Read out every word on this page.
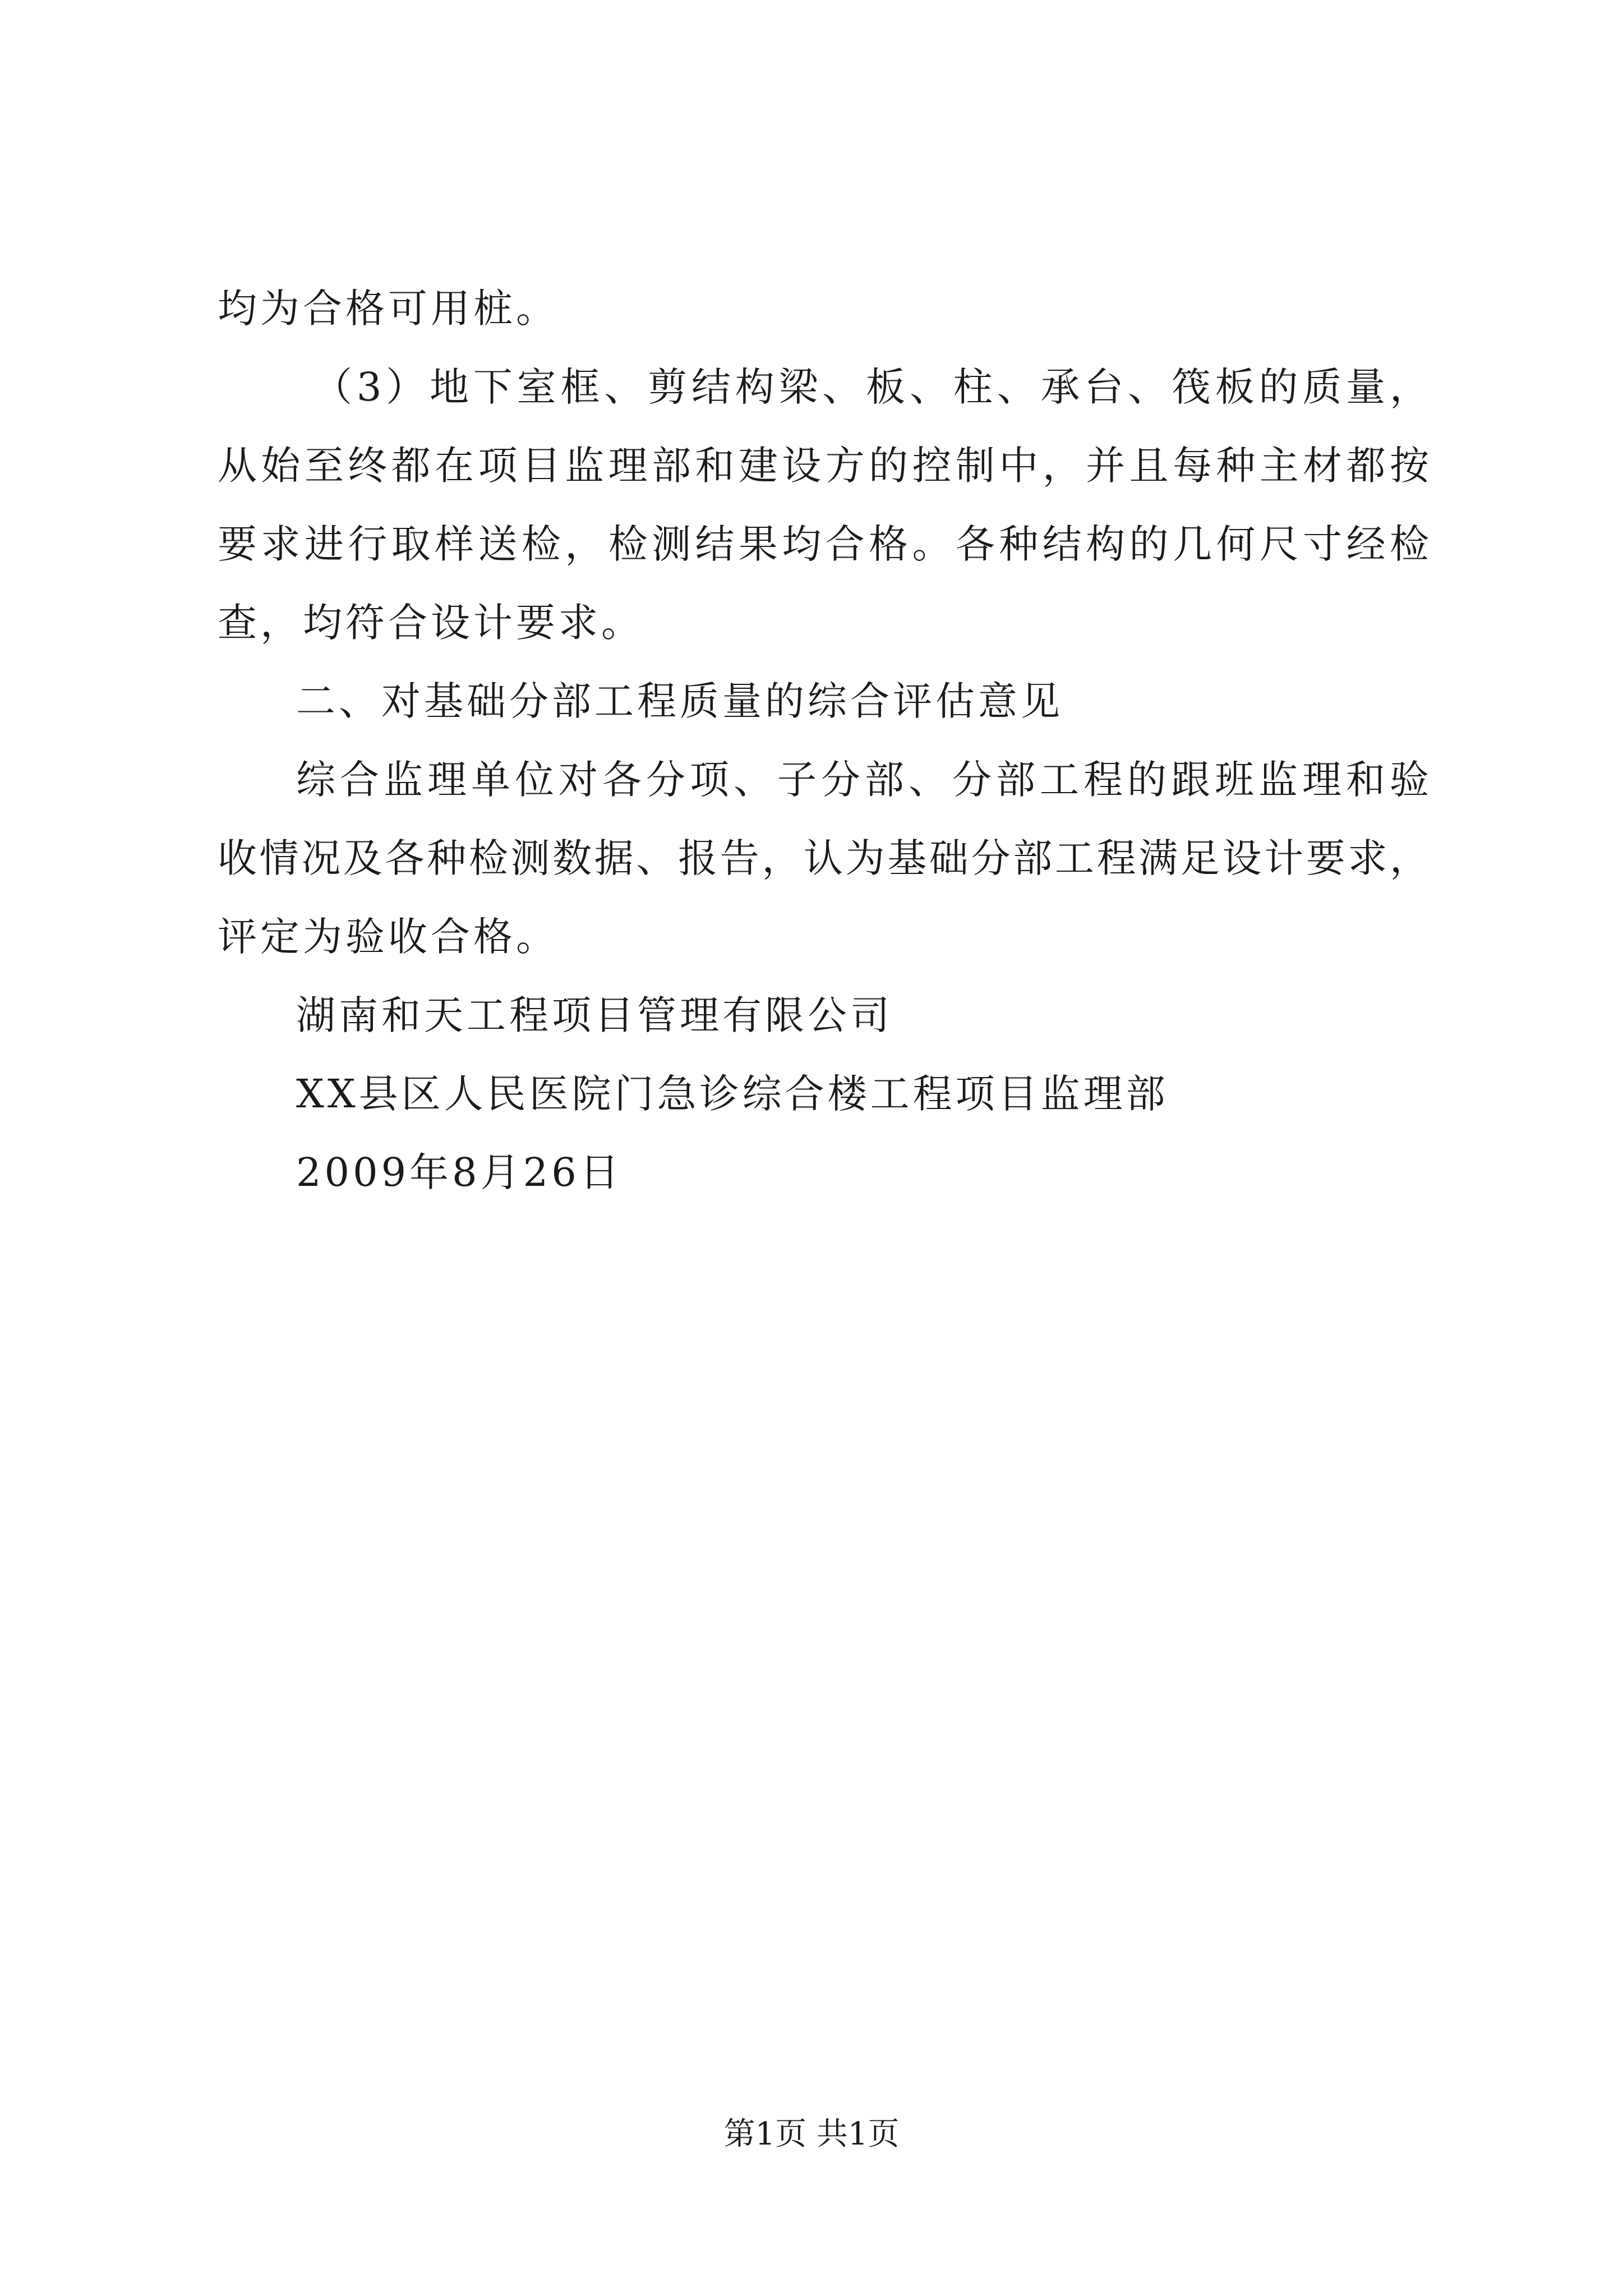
均为合格可用桩。

（3）地下室框、剪结构梁、板、柱、承台、筏板的质量，

从始至终都在项目监理部和建设方的控制中，并且每种主材都按

要求进行取样送检，检测结果均合格。各种结构的几何尺寸经检

查，均符合设计要求。

二、对基础分部工程质量的综合评估意见

综合监理单位对各分项、子分部、分部工程的跟班监理和验

收情况及各种检测数据、报告，认为基础分部工程满足设计要求，

评定为验收合格。

湖南和天工程项目管理有限公司

XX县区人民医院门急诊综合楼工程项目监理部

2009年8月26日

第1页 共1页
